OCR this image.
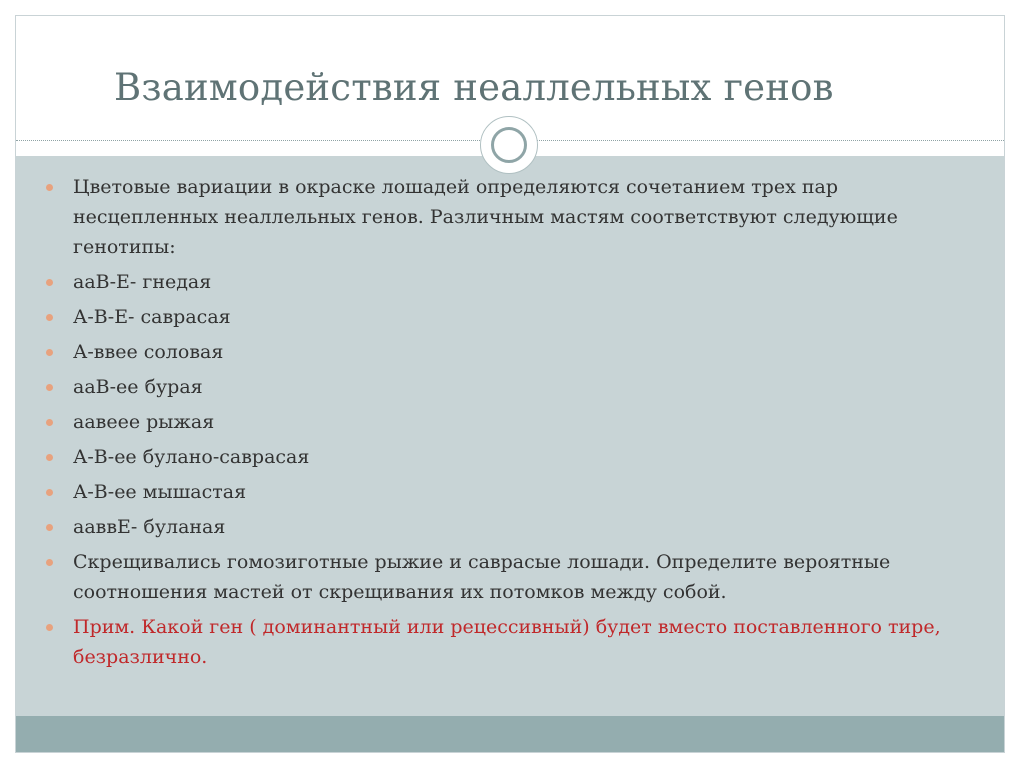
Взаимодействия неаллельных генов
Цветовые вариации в окраске лошадей определяются сочетанием трех пар несцепленных неаллельных генов. Различным мастям соответствуют следующие генотипы:
ааВ-Е- гнедая
А-В-Е- саврасая
А-ввее соловая
ааВ-ее бурая
аавеее рыжая
А-В-ее булано-саврасая
А-В-ее мышастая
ааввЕ- буланая
Скрещивались гомозиготные рыжие и саврасые лошади. Определите вероятные соотношения мастей от скрещивания их потомков между собой.
Прим. Какой ген ( доминантный или рецессивный) будет вместо поставленного тире, безразлично.
